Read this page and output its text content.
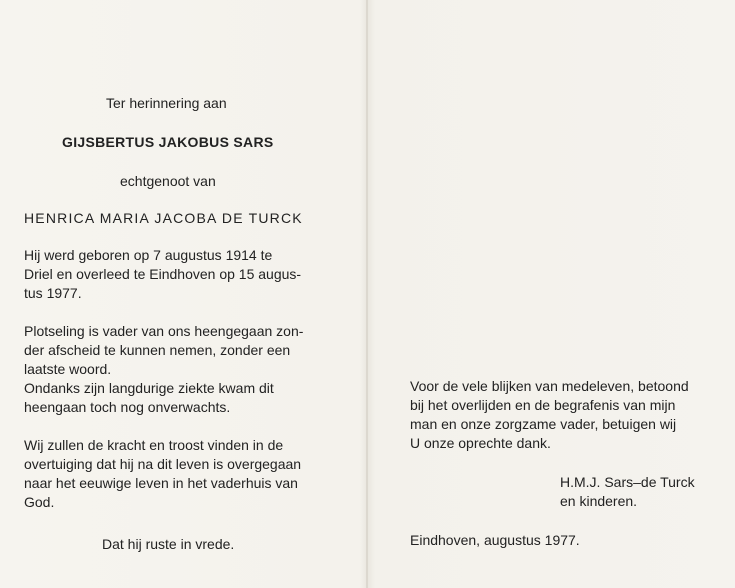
Ter herinnering aan
GIJSBERTUS JAKOBUS SARS
echtgenoot van
HENRICA MARIA JACOBA DE TURCK
Hij werd geboren op 7 augustus 1914 te
Driel en overleed te Eindhoven op 15 augus-
tus 1977.
Plotseling is vader van ons heengegaan zon-
der afscheid te kunnen nemen, zonder een
laatste woord.
Ondanks zijn langdurige ziekte kwam dit
heengaan toch nog onverwachts.
Wij zullen de kracht en troost vinden in de
overtuiging dat hij na dit leven is overgegaan
naar het eeuwige leven in het vaderhuis van
God.
Dat hij ruste in vrede.
Voor de vele blijken van medeleven, betoond
bij het overlijden en de begrafenis van mijn
man en onze zorgzame vader, betuigen wij
U onze oprechte dank.
H.M.J. Sars–de Turck
en kinderen.
Eindhoven, augustus 1977.
